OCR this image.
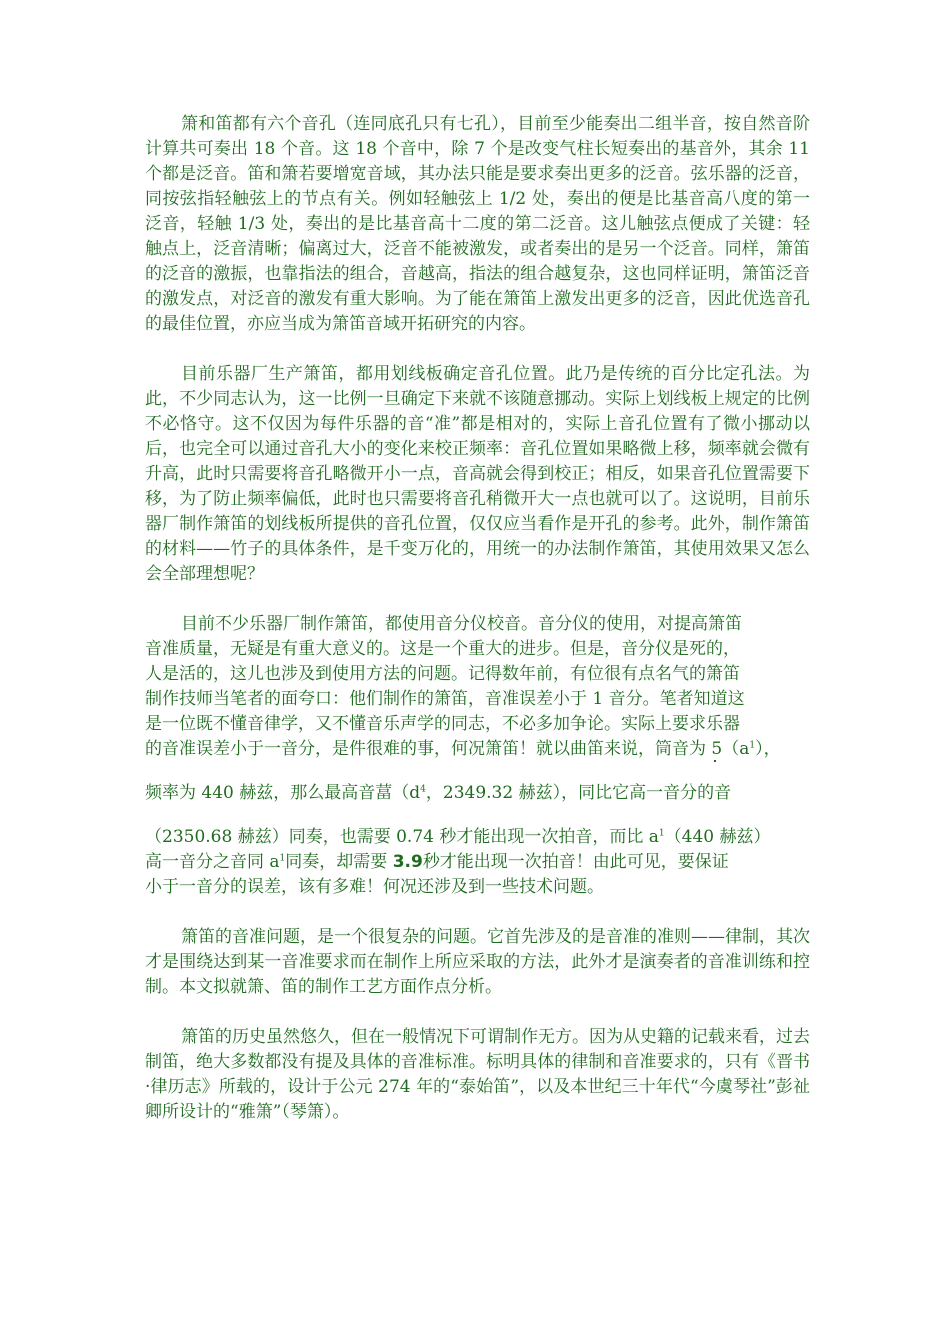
箫和笛都有六个音孔（连同底孔只有七孔），目前至少能奏出二组半音，按自然音阶计算共可奏出 18 个音。这 18 个音中，除 7 个是改变气柱长短奏出的基音外，其余 11 个都是泛音。笛和箫若要增宽音域，其办法只能是要求奏出更多的泛音。弦乐器的泛音，同按弦指轻触弦上的节点有关。例如轻触弦上 1/2 处，奏出的便是比基音高八度的第一泛音，轻触 1/3 处，奏出的是比基音高十二度的第二泛音。这儿触弦点便成了关键：轻触点上，泛音清晰；偏离过大，泛音不能被激发，或者奏出的是另一个泛音。同样，箫笛的泛音的激振，也靠指法的组合，音越高，指法的组合越复杂，这也同样证明，箫笛泛音的激发点，对泛音的激发有重大影响。为了能在箫笛上激发出更多的泛音，因此优选音孔的最佳位置，亦应当成为箫笛音域开拓研究的内容。

目前乐器厂生产箫笛，都用划线板确定音孔位置。此乃是传统的百分比定孔法。为此，不少同志认为，这一比例一旦确定下来就不该随意挪动。实际上划线板上规定的比例不必恪守。这不仅因为每件乐器的音“准”都是相对的，实际上音孔位置有了微小挪动以后，也完全可以通过音孔大小的变化来校正频率：音孔位置如果略微上移，频率就会微有升高，此时只需要将音孔略微开小一点，音高就会得到校正；相反，如果音孔位置需要下移，为了防止频率偏低，此时也只需要将音孔稍微开大一点也就可以了。这说明，目前乐器厂制作箫笛的划线板所提供的音孔位置，仅仅应当看作是开孔的参考。此外，制作箫笛的材料——竹子的具体条件，是千变万化的，用统一的办法制作箫笛，其使用效果又怎么会全部理想呢？

目前不少乐器厂制作箫笛，都使用音分仪校音。音分仪的使用，对提高箫笛
音准质量，无疑是有重大意义的。这是一个重大的进步。但是，音分仪是死的，
人是活的，这儿也涉及到使用方法的问题。记得数年前，有位很有点名气的箫笛
制作技师当笔者的面夸口：他们制作的箫笛，音准误差小于 1 音分。笔者知道这
是一位既不懂音律学，又不懂音乐声学的同志，不必多加争论。实际上要求乐器
的音准误差小于一音分，是件很难的事，何况箫笛！就以曲笛来说，筒音为 $5(a^1)$，
频率为 440 赫兹，那么最高音葍（$d^4$，2349.32 赫兹），同比它高一音分的音
（2350.68 赫兹）同奏，也需要 0.74 秒才能出现一次拍音，而比 $a^1(440$ 赫兹）
高一音分之音同 $a^1$同奏，却需要 3.9秒才能出现一次拍音！由此可见，要保证
小于一音分的误差，该有多难！何况还涉及到一些技术问题。

箫笛的音准问题，是一个很复杂的问题。它首先涉及的是音准的准则——律制，其次才是围绕达到某一音准要求而在制作上所应采取的方法，此外才是演奏者的音准训练和控制。本文拟就箫、笛的制作工艺方面作点分析。

箫笛的历史虽然悠久，但在一般情况下可谓制作无方。因为从史籍的记载来看，过去制笛，绝大多数都没有提及具体的音准标准。标明具体的律制和音准要求的，只有《晋书·律历志》所载的，设计于公元 274 年的“泰始笛”，以及本世纪三十年代“今虞琴社”彭祉卿所设计的“雅箫”（琴箫）。
